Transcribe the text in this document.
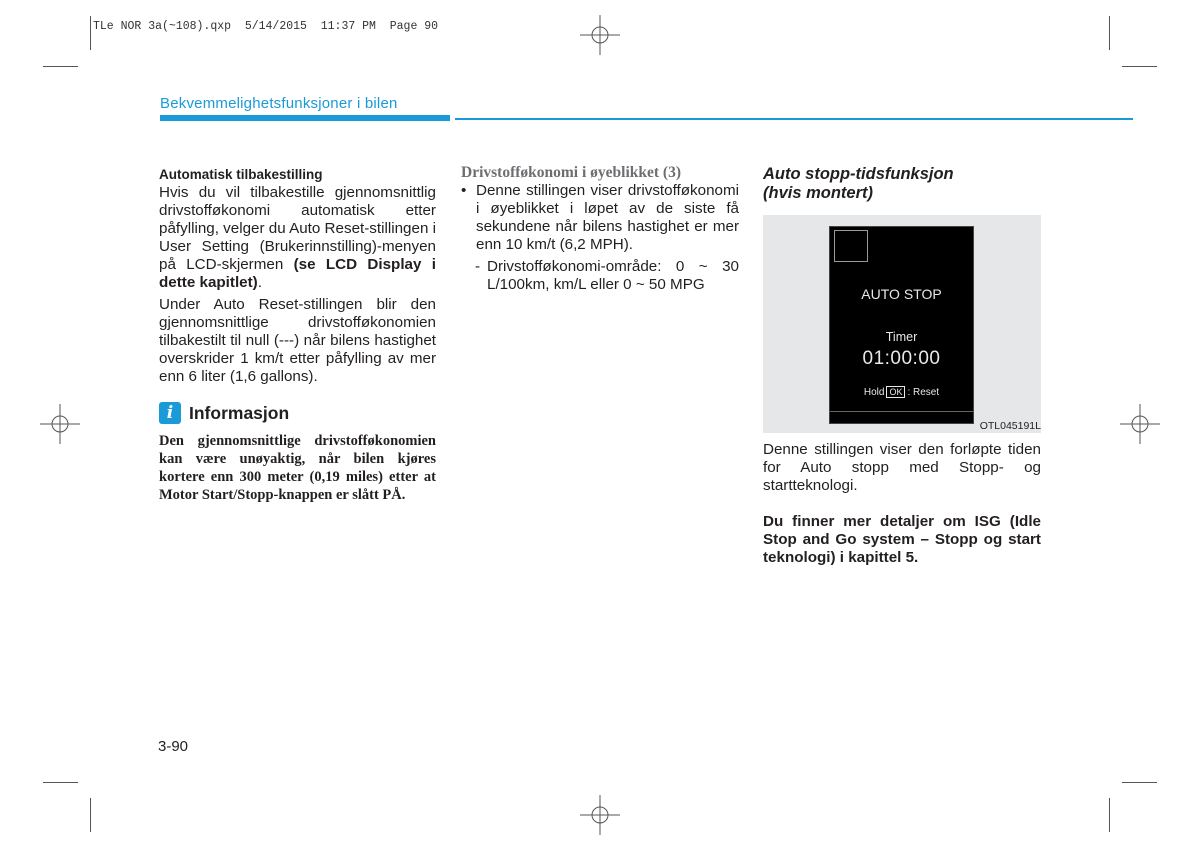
TLe NOR 3a(~108).qxp  5/14/2015  11:37 PM  Page 90
Bekvemmelighetsfunksjoner i bilen

Automatisk tilbakestilling

Hvis du vil tilbakestille gjennomsnittlig drivstofføkonomi automatisk etter påfylling, velger du Auto Reset-stillingen i User Setting (Brukerinnstilling)-menyen på LCD-skjermen (se LCD Display i dette kapitlet).

Under Auto Reset-stillingen blir den gjennomsnittlige drivstofføkonomien tilbakestilt til null (---) når bilens hastighet overskrider 1 km/t etter påfylling av mer enn 6 liter (1,6 gallons).

i Informasjon

Den gjennomsnittlige drivstofføkonomien kan være unøyaktig, når bilen kjøres kortere enn 300 meter (0,19 miles) etter at Motor Start/Stopp-knappen er slått PÅ.

Drivstofføkonomi i øyeblikket (3)

• Denne stillingen viser drivstofføkonomi i øyeblikket i løpet av de siste få sekundene når bilens hastighet er mer enn 10 km/t (6,2 MPH).
- Drivstofføkonomi-område: 0 ~ 30 L/100km, km/L eller 0 ~ 50 MPG

Auto stopp-tidsfunksjon

(hvis montert)

AUTO STOP
Timer
01:00:00
Hold OK : Reset
OTL045191L

Denne stillingen viser den forløpte tiden for Auto stopp med Stopp- og startteknologi.

Du finner mer detaljer om ISG (Idle Stop and Go system – Stopp og start teknologi) i kapittel 5.

3-90
